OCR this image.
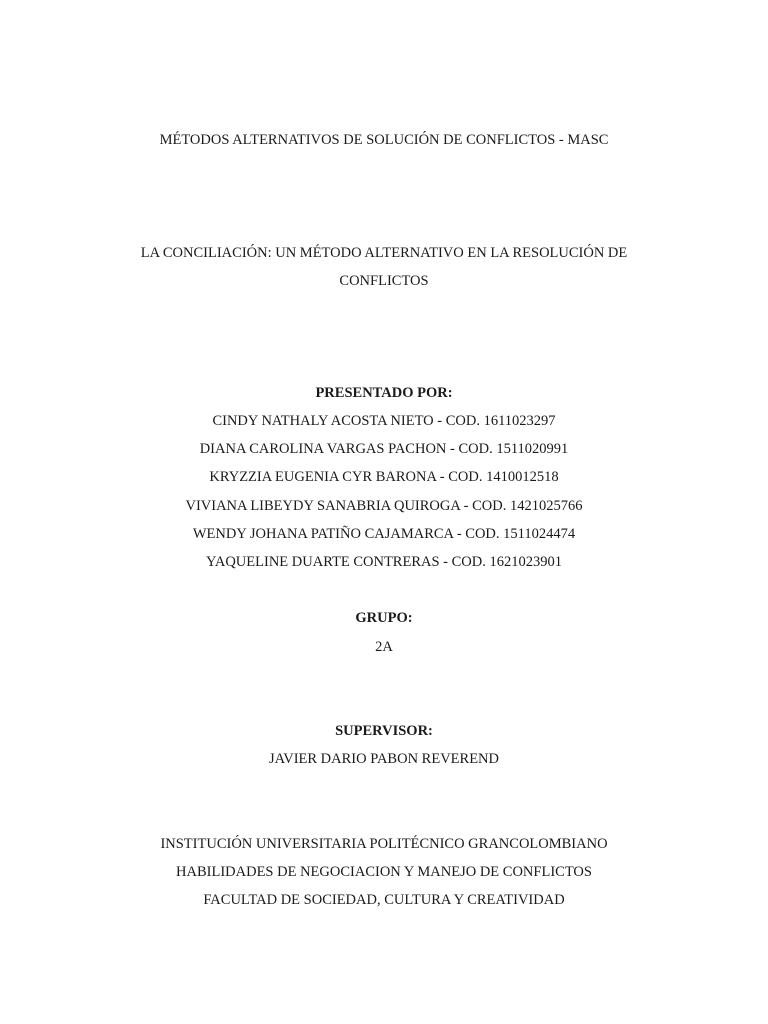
MÉTODOS ALTERNATIVOS DE SOLUCIÓN DE CONFLICTOS - MASC
LA CONCILIACIÓN: UN MÉTODO ALTERNATIVO EN LA RESOLUCIÓN DE
CONFLICTOS
PRESENTADO POR:
CINDY NATHALY ACOSTA NIETO - COD. 1611023297
DIANA CAROLINA VARGAS PACHON - COD. 1511020991
KRYZZIA EUGENIA CYR BARONA - COD. 1410012518
VIVIANA LIBEYDY SANABRIA QUIROGA - COD. 1421025766
WENDY JOHANA PATIÑO CAJAMARCA - COD. 1511024474
YAQUELINE DUARTE CONTRERAS - COD. 1621023901
GRUPO:
2A
SUPERVISOR:
JAVIER DARIO PABON REVEREND
INSTITUCIÓN UNIVERSITARIA POLITÉCNICO GRANCOLOMBIANO
HABILIDADES DE NEGOCIACION Y MANEJO DE CONFLICTOS
FACULTAD DE SOCIEDAD, CULTURA Y CREATIVIDAD
